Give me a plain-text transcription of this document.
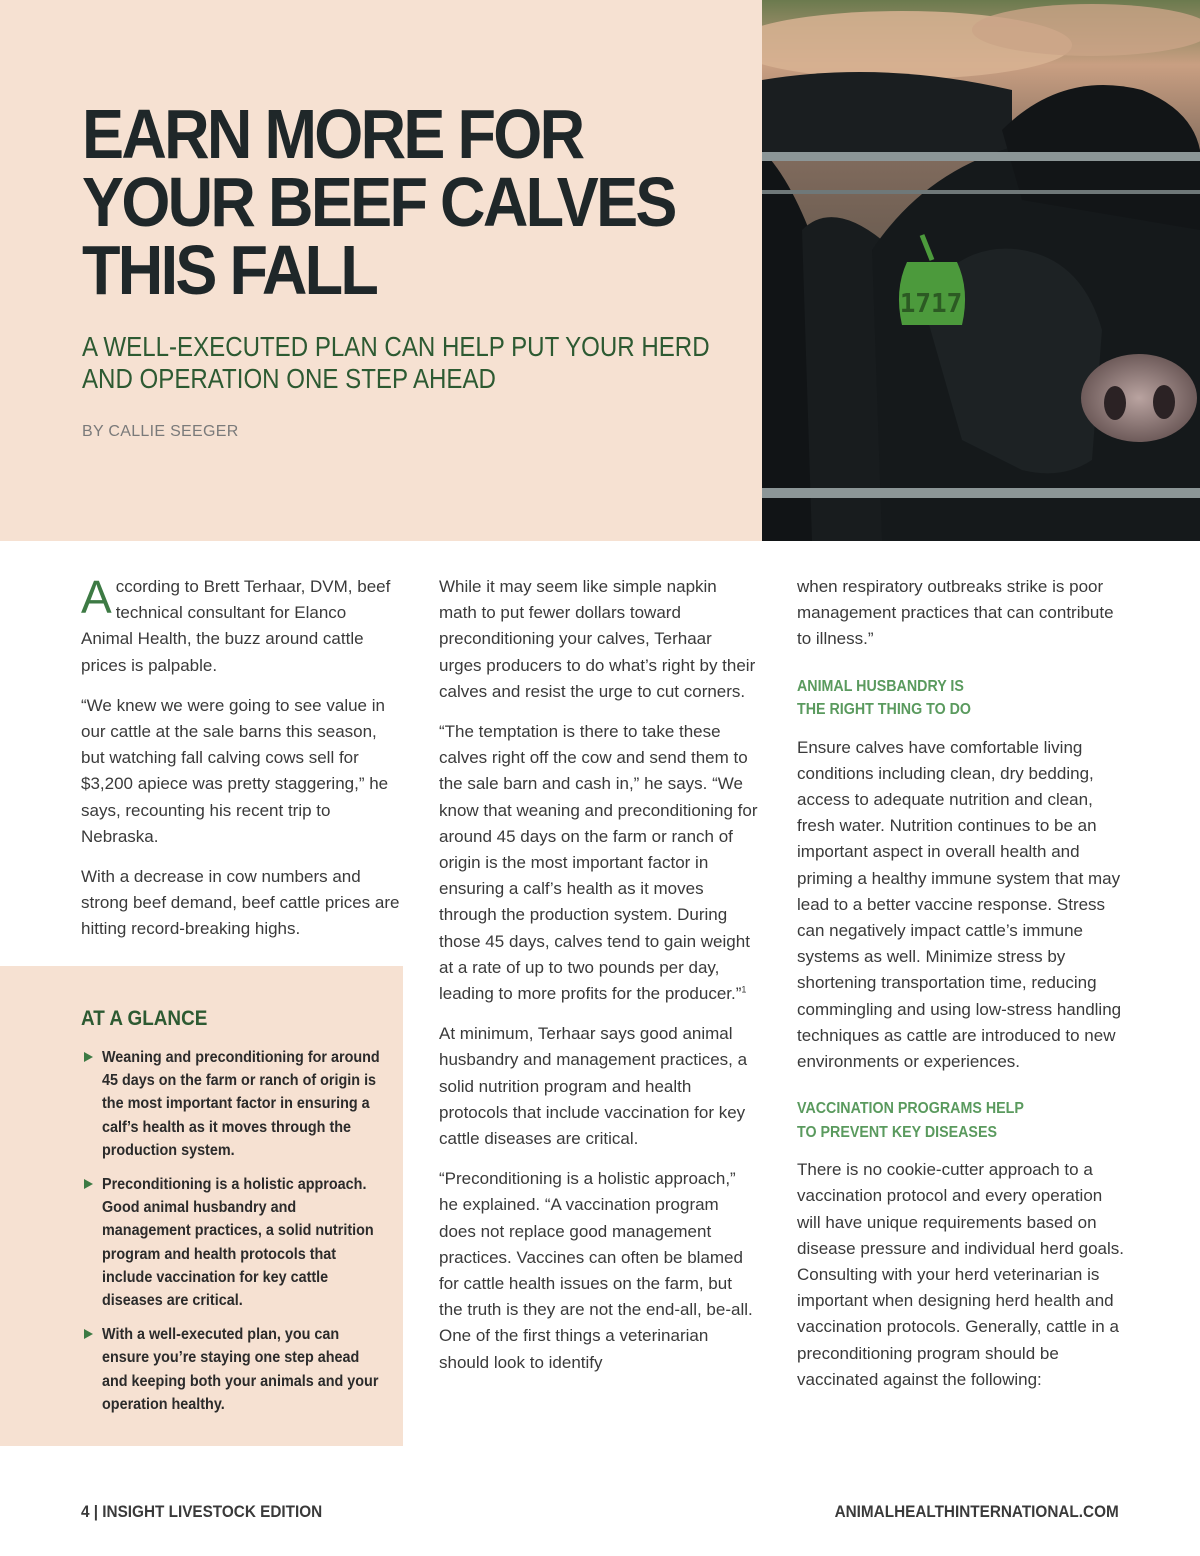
EARN MORE FOR
YOUR BEEF CALVES
THIS FALL
A WELL-EXECUTED PLAN CAN HELP PUT YOUR HERD
AND OPERATION ONE STEP AHEAD
BY CALLIE SEEGER
1717

According to Brett Terhaar, DVM, beef technical consultant for Elanco Animal Health, the buzz around cattle prices is palpable.

“We knew we were going to see value in our cattle at the sale barns this season, but watching fall calving cows sell for $3,200 apiece was pretty staggering,” he says, recounting his recent trip to Nebraska.

With a decrease in cow numbers and strong beef demand, beef cattle prices are hitting record-breaking highs.

While it may seem like simple napkin math to put fewer dollars toward preconditioning your calves, Terhaar urges producers to do what’s right by their calves and resist the urge to cut corners.

“The temptation is there to take these calves right off the cow and send them to the sale barn and cash in,” he says. “We know that weaning and preconditioning for around 45 days on the farm or ranch of origin is the most important factor in ensuring a calf’s health as it moves through the production system. During those 45 days, calves tend to gain weight at a rate of up to two pounds per day, leading to more profits for the producer.”$^1$

At minimum, Terhaar says good animal husbandry and management practices, a solid nutrition program and health protocols that include vaccination for key cattle diseases are critical.

“Preconditioning is a holistic approach,” he explained. “A vaccination program does not replace good management practices. Vaccines can often be blamed for cattle health issues on the farm, but the truth is they are not the end-all, be-all. One of the first things a veterinarian should look to identify

when respiratory outbreaks strike is poor management practices that can contribute to illness.”

ANIMAL HUSBANDRY IS
THE RIGHT THING TO DO

Ensure calves have comfortable living conditions including clean, dry bedding, access to adequate nutrition and clean, fresh water. Nutrition continues to be an important aspect in overall health and priming a healthy immune system that may lead to a better vaccine response. Stress can negatively impact cattle’s immune systems as well. Minimize stress by shortening transportation time, reducing commingling and using low-stress handling techniques as cattle are introduced to new environments or experiences.

VACCINATION PROGRAMS HELP
TO PREVENT KEY DISEASES

There is no cookie-cutter approach to a vaccination protocol and every operation will have unique requirements based on disease pressure and individual herd goals. Consulting with your herd veterinarian is important when designing herd health and vaccination protocols. Generally, cattle in a preconditioning program should be vaccinated against the following:

AT A GLANCE
Weaning and preconditioning for around 45 days on the farm or ranch of origin is the most important factor in ensuring a calf’s health as it moves through the production system.
Preconditioning is a holistic approach. Good animal husbandry and management practices, a solid nutrition program and health protocols that include vaccination for key cattle diseases are critical.
With a well-executed plan, you can ensure you’re staying one step ahead and keeping both your animals and your operation healthy.
4 | INSIGHT LIVESTOCK EDITION	ANIMALHEALTHINTERNATIONAL.COM
